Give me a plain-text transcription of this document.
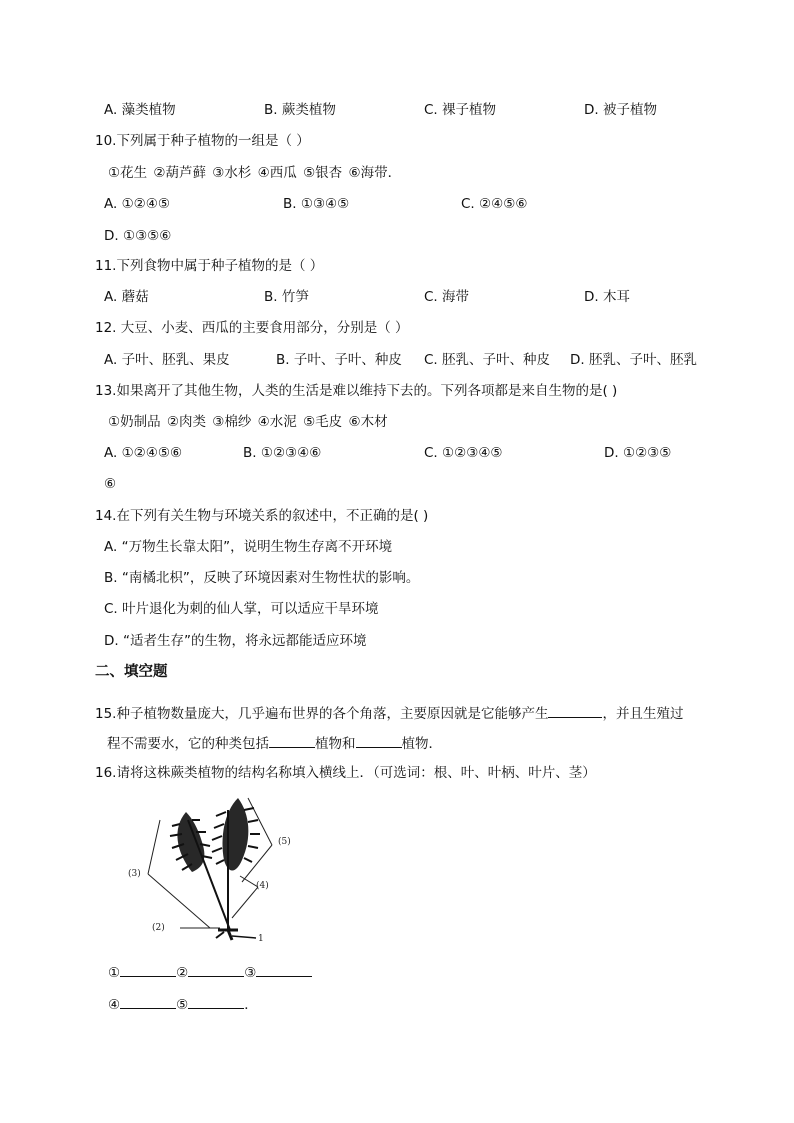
A. 藻类植物	B. 蕨类植物	C. 裸子植物	D. 被子植物
10.下列属于种子植物的一组是（ ）
①花生 ②葫芦藓 ③水杉 ④西瓜 ⑤银杏 ⑥海带．
A. ①②④⑤	B. ①③④⑤	C. ②④⑤⑥
D. ①③⑤⑥
11.下列食物中属于种子植物的是（ ）
A. 蘑菇	B. 竹笋	C. 海带	D. 木耳
12. 大豆、小麦、西瓜的主要食用部分，分别是（ ）
A. 子叶、胚乳、果皮	B. 子叶、子叶、种皮 C. 胚乳、子叶、种皮 D. 胚乳、子叶、胚乳
13.如果离开了其他生物，人类的生活是难以维持下去的。下列各项都是来自生物的是( )
①奶制品 ②肉类 ③棉纱 ④水泥 ⑤毛皮 ⑥木材
A. ①②④⑤⑥	B. ①②③④⑥	C. ①②③④⑤	D. ①②③⑤
⑥
14.在下列有关生物与环境关系的叙述中，不正确的是( )
A. “万物生长靠太阳”，说明生物生存离不开环境
B. “南橘北枳”，反映了环境因素对生物性状的影响。
C. 叶片退化为刺的仙人掌，可以适应干旱环境
D. “适者生存”的生物，将永远都能适应环境
二、填空题
15.种子植物数量庞大，几乎遍布世界的各个角落，主要原因就是它能够产生	，并且生殖过
程不需要水，它的种类包括	植物和	植物．
16.请将这株蕨类植物的结构名称填入横线上．（可选词：根、叶、叶柄、叶片、茎）
(3)
(5)
(4)
(2)
1
①	②	③
④	⑤	．
